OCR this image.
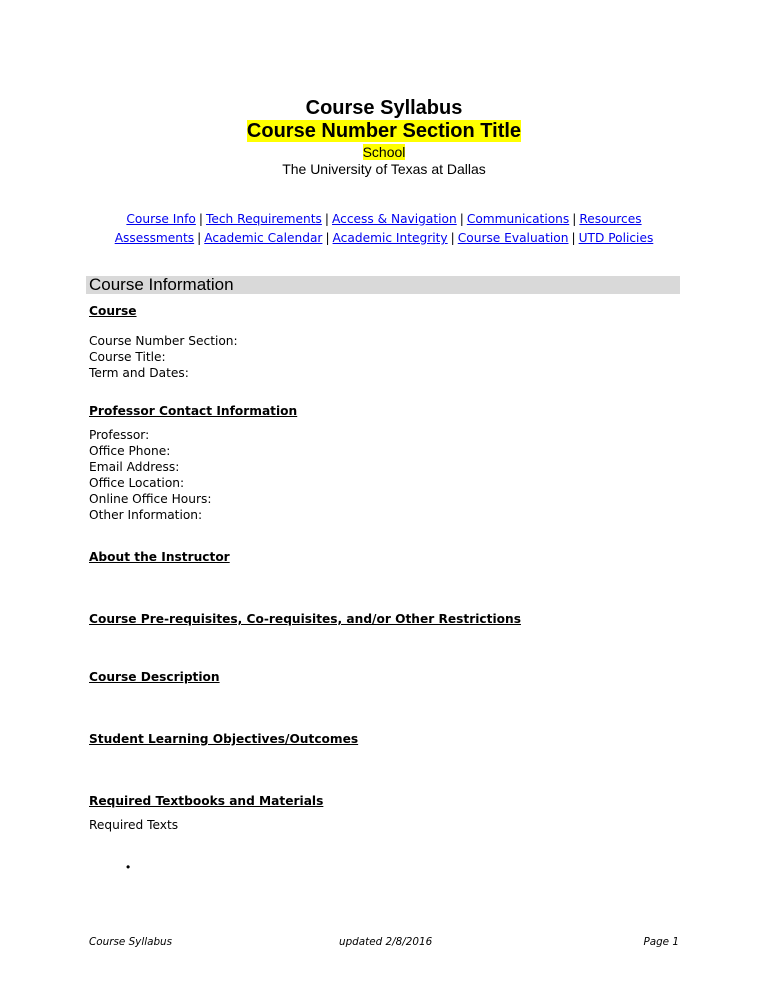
Course Syllabus
Course Number Section Title
School
The University of Texas at Dallas
Course Info | Tech Requirements | Access & Navigation | Communications | Resources
Assessments | Academic Calendar | Academic Integrity | Course Evaluation | UTD Policies
Course Information
Course
Course Number Section:
Course Title:
Term and Dates:
Professor Contact Information
Professor:
Office Phone:
Email Address:
Office Location:
Online Office Hours:
Other Information:
About the Instructor
Course Pre-requisites, Co-requisites, and/or Other Restrictions
Course Description
Student Learning Objectives/Outcomes
Required Textbooks and Materials
Required Texts
•
Course Syllabus	updated 2/8/2016	Page 1
